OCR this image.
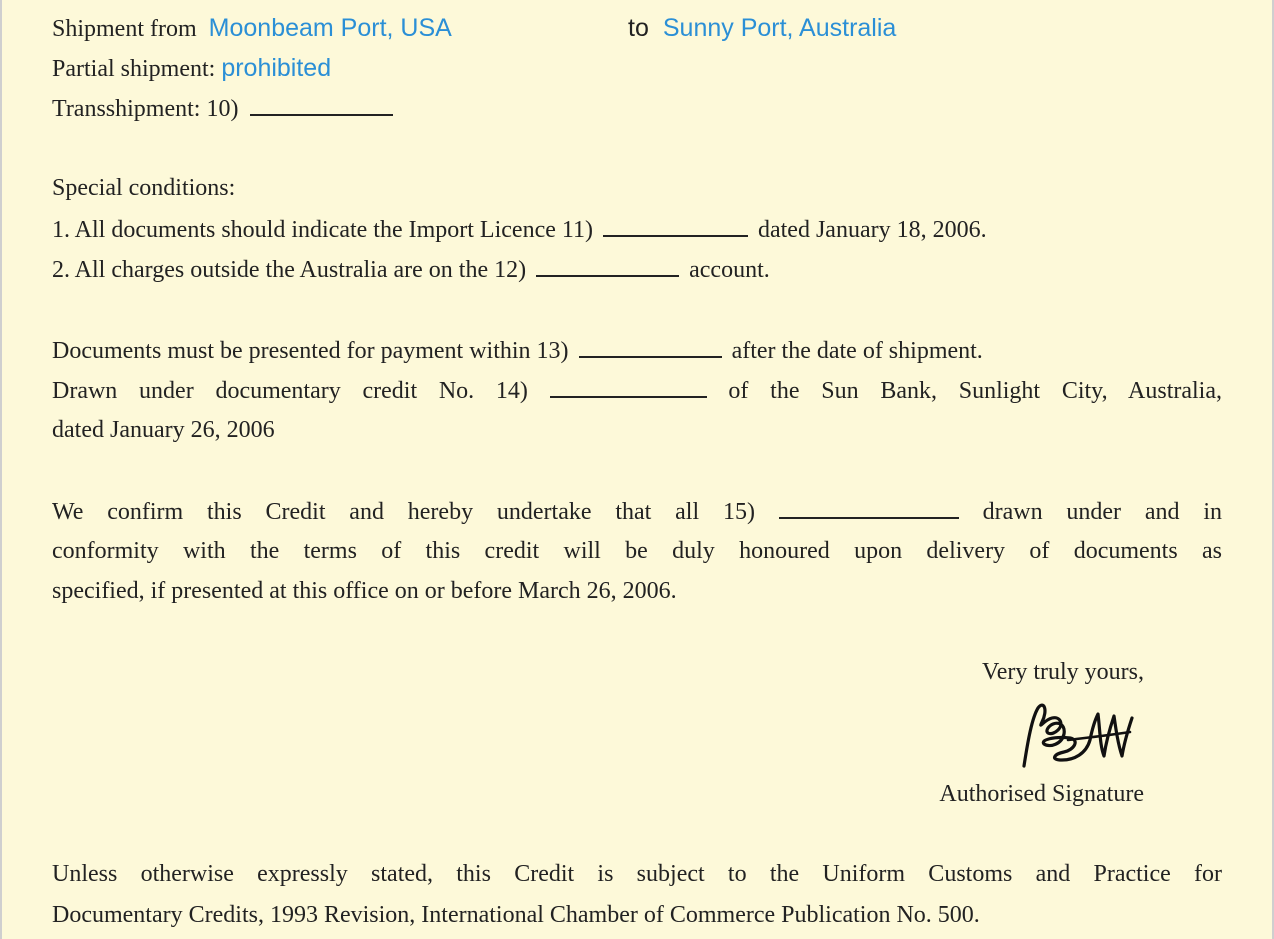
Shipment from Moonbeam Port, USA	to Sunny Port, Australia
Partial shipment: prohibited
Transshipment: 10)
Special conditions:
1. All documents should indicate the Import Licence 11)	dated January 18, 2006.
2. All charges outside the Australia are on the 12)	account.
Documents must be presented for payment within 13)	after the date of shipment.
Drawn under documentary credit No. 14)	of the Sun Bank, Sunlight City, Australia,
dated January 26, 2006
We confirm this Credit and hereby undertake that all 15)	drawn under and in
conformity with the terms of this credit will be duly honoured upon delivery of documents as
specified, if presented at this office on or before March 26, 2006.
Very truly yours,
Authorised Signature
Unless otherwise expressly stated, this Credit is subject to the Uniform Customs and Practice for
Documentary Credits, 1993 Revision, International Chamber of Commerce Publication No. 500.
